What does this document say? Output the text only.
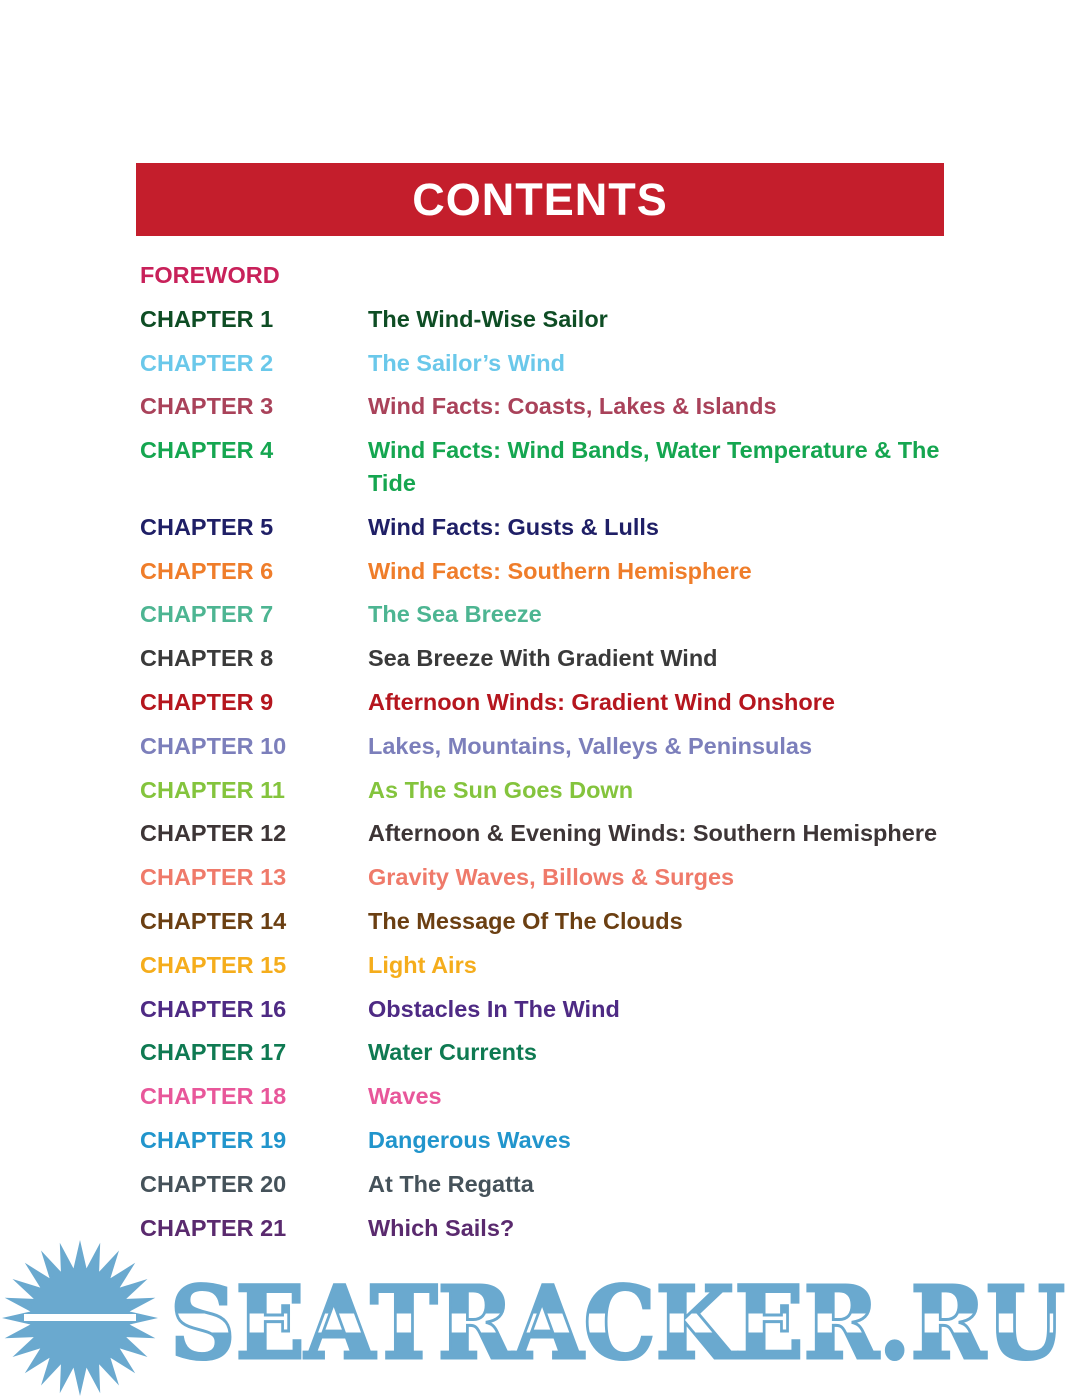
CONTENTS
FOREWORD
CHAPTER 1	The Wind-Wise Sailor
CHAPTER 2	The Sailor’s Wind
CHAPTER 3	Wind Facts: Coasts, Lakes & Islands
CHAPTER 4	Wind Facts: Wind Bands, Water Temperature & The Tide
CHAPTER 5	Wind Facts: Gusts & Lulls
CHAPTER 6	Wind Facts: Southern Hemisphere
CHAPTER 7	The Sea Breeze
CHAPTER 8	Sea Breeze With Gradient Wind
CHAPTER 9	Afternoon Winds: Gradient Wind Onshore
CHAPTER 10	Lakes, Mountains, Valleys & Peninsulas
CHAPTER 11	As The Sun Goes Down
CHAPTER 12	Afternoon & Evening Winds: Southern Hemisphere
CHAPTER 13	Gravity Waves, Billows & Surges
CHAPTER 14	The Message Of The Clouds
CHAPTER 15	Light Airs
CHAPTER 16	Obstacles In The Wind
CHAPTER 17	Water Currents
CHAPTER 18	Waves
CHAPTER 19	Dangerous Waves
CHAPTER 20	At The Regatta
CHAPTER 21	Which Sails?
SEATRACKER.RU
